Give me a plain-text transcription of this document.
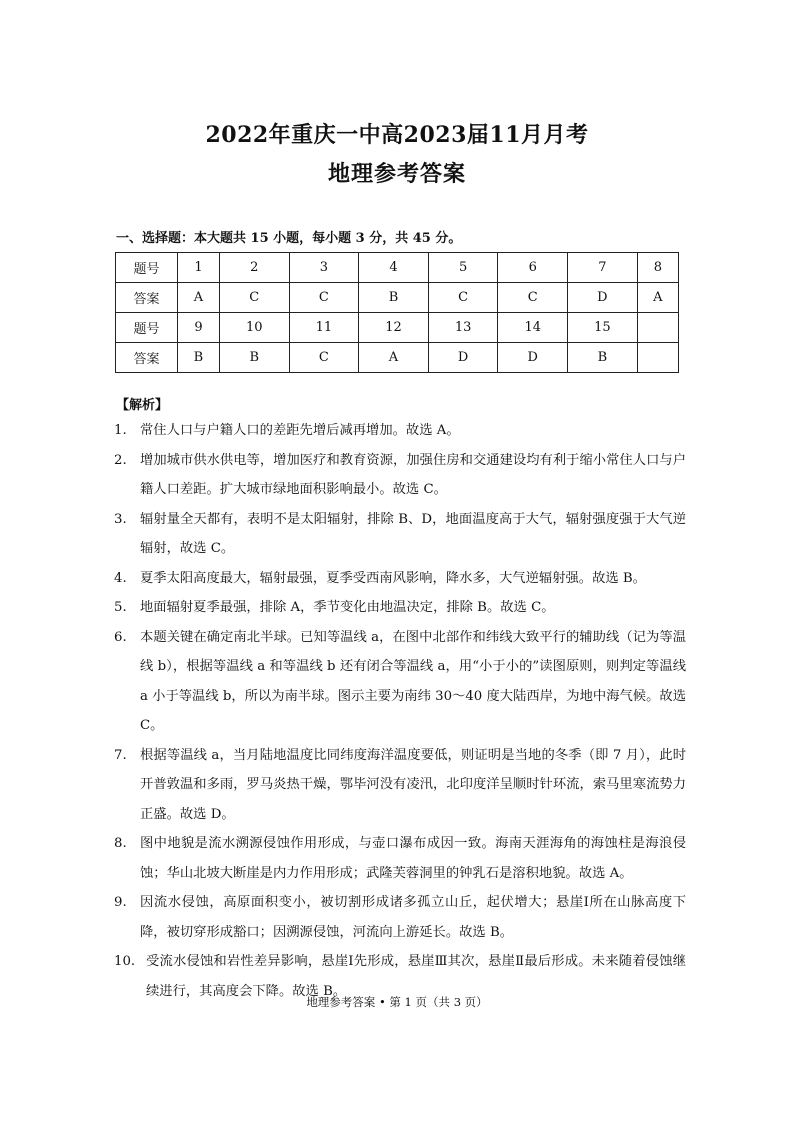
2022年重庆一中高2023届11月月考
地理参考答案
一、选择题：本大题共 15 小题，每小题 3 分，共 45 分。
题号	1	2	3	4	5	6	7	8
答案	A	C	C	B	C	C	D	A
题号	9	10	11	12	13	14	15	
答案	B	B	C	A	D	D	B	
【解析】
1.	常住人口与户籍人口的差距先增后减再增加。故选 A。
2.	增加城市供水供电等，增加医疗和教育资源，加强住房和交通建设均有利于缩小常住人口与户籍人口差距。扩大城市绿地面积影响最小。故选 C。
3.	辐射量全天都有，表明不是太阳辐射，排除 B、D，地面温度高于大气，辐射强度强于大气逆辐射，故选 C。
4.	夏季太阳高度最大，辐射最强，夏季受西南风影响，降水多，大气逆辐射强。故选 B。
5.	地面辐射夏季最强，排除 A，季节变化由地温决定，排除 B。故选 C。
6.	本题关键在确定南北半球。已知等温线 a，在图中北部作和纬线大致平行的辅助线（记为等温线 b），根据等温线 a 和等温线 b 还有闭合等温线 a，用“小于小的”读图原则，则判定等温线 a 小于等温线 b，所以为南半球。图示主要为南纬 30～40 度大陆西岸，为地中海气候。故选 C。
7.	根据等温线 a，当月陆地温度比同纬度海洋温度要低，则证明是当地的冬季（即 7 月），此时开普敦温和多雨，罗马炎热干燥，鄂毕河没有凌汛，北印度洋呈顺时针环流，索马里寒流势力正盛。故选 D。
8.	图中地貌是流水溯源侵蚀作用形成，与壶口瀑布成因一致。海南天涯海角的海蚀柱是海浪侵蚀；华山北坡大断崖是内力作用形成；武隆芙蓉洞里的钟乳石是溶积地貌。故选 A。
9.	因流水侵蚀，高原面积变小，被切割形成诸多孤立山丘，起伏增大；悬崖Ⅰ所在山脉高度下降，被切穿形成豁口；因溯源侵蚀，河流向上游延长。故选 B。
10. 受流水侵蚀和岩性差异影响，悬崖Ⅰ先形成，悬崖Ⅲ其次，悬崖Ⅱ最后形成。未来随着侵蚀继续进行，其高度会下降。故选 B。
地理参考答案 • 第 1 页（共 3 页）
